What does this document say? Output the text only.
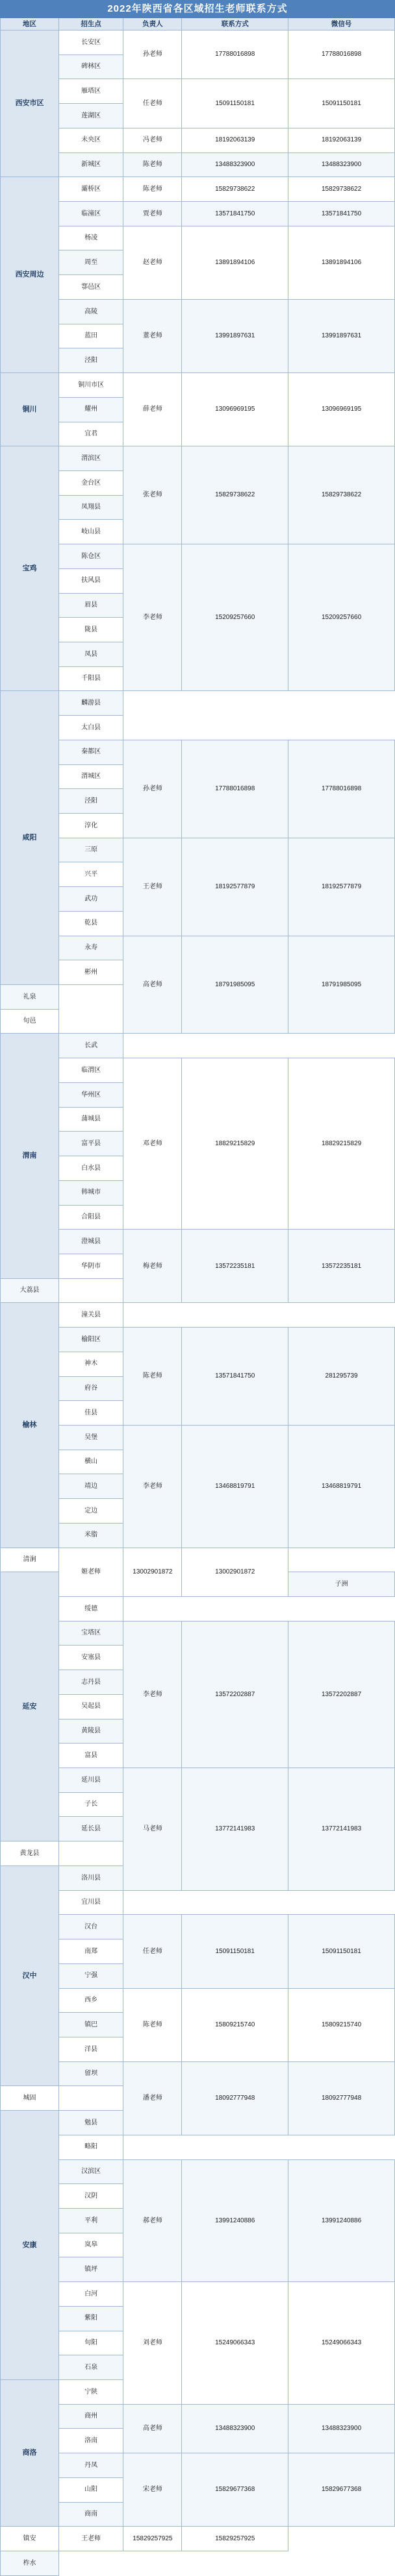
2022年陕西省各区域招生老师联系方式				
地区	招生点	负责人	联系方式	微信号
西安市区	长安区	孙老师	17788016898	17788016898
	碑林区			
	雁塔区	任老师	15091150181	15091150181
	莲湖区			
	未央区	冯老师	18192063139	18192063139
	新城区	陈老师	13488323900	13488323900
西安周边	灞桥区	陈老师	15829738622	15829738622
	临潼区	贾老师	13571841750	13571841750
	杨凌	赵老师	13891894106	13891894106
	周至			
	鄠邑区			
	高陵	董老师	13991897631	13991897631
	蓝田			
	泾阳			
铜川	铜川市区	薛老师	13096969195	13096969195
	耀州			
	宜君			
宝鸡	渭滨区	张老师	15829738622	15829738622
	金台区			
	凤翔县			
	岐山县			
	陈仓区	李老师	15209257660	15209257660
	扶风县			
	眉县			
	陇县			
	凤县			
	千阳县			
咸阳	麟游县			
	太白县			
	秦都区	孙老师	17788016898	17788016898
	渭城区			
	泾阳			
	淳化			
	三原	王老师	18192577879	18192577879
	兴平			
	武功			
	乾县			
	永寿	高老师	18791985095	18791985095
	彬州			
礼泉				
旬邑				
渭南	长武			
	临渭区	邓老师	18829215829	18829215829
	华州区			
	蒲城县			
	富平县			
	白水县			
	韩城市			
	合阳县			
	澄城县	梅老师	13572235181	13572235181
	华阴市			
大荔县				
榆林	潼关县			
	榆阳区	陈老师	13571841750	281295739
	神木			
	府谷			
	佳县			
	吴堡	李老师	13468819791	13468819791
	横山			
	靖边			
	定边			
	米脂			
清涧	姬老师	13002901872	13002901872	
延安				子洲
	绥德			
	宝塔区	李老师	13572202887	13572202887
	安塞县			
	志丹县			
	吴起县			
	黄陵县			
	富县			
	延川县	马老师	13772141983	13772141983
	子长			
	延长县			
黄龙县				
汉中	洛川县			
	宜川县			
	汉台	任老师	15091150181	15091150181
	南郑			
	宁强			
	西乡	陈老师	15809215740	15809215740
	镇巴			
	洋县			
	留坝	潘老师	18092777948	18092777948
城固				
安康	勉县			
	略阳			
	汉滨区	郝老师	13991240886	13991240886
	汉阴			
	平利			
	岚皋			
	镇坪			
	白河	刘老师	15249066343	15249066343
	紫阳			
	旬阳			
	石泉			
商洛	宁陕			
	商州	高老师	13488323900	13488323900
	洛南			
	丹凤	宋老师	15829677368	15829677368
	山阳			
	商南			
镇安	王老师	15829257925	15829257925	
柞水				
